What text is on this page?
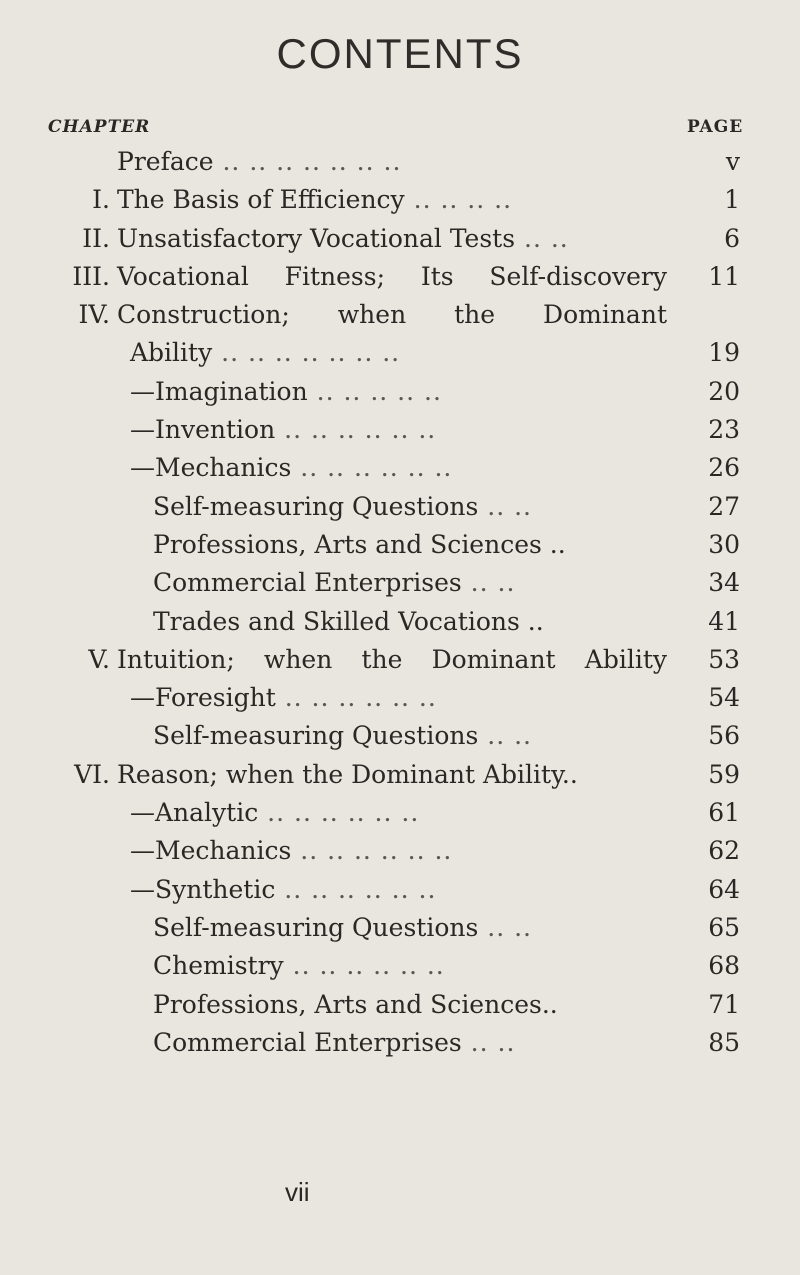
CONTENTS
CHAPTER	PAGE
Preface .. .. .. .. .. .. ..	v
I. The Basis of Efficiency .. .. .. ..	1
II. Unsatisfactory Vocational Tests .. ..	6
III. Vocational Fitness; Its Self-discovery	11
IV. Construction; when the Dominant
Ability .. .. .. .. .. .. ..	19
—Imagination .. .. .. .. ..	20
—Invention .. .. .. .. .. ..	23
—Mechanics .. .. .. .. .. ..	26
Self-measuring Questions .. ..	27
Professions, Arts and Sciences ..	30
Commercial Enterprises .. ..	34
Trades and Skilled Vocations ..	41
V. Intuition; when the Dominant Ability	53
—Foresight .. .. .. .. .. ..	54
Self-measuring Questions .. ..	56
VI. Reason; when the Dominant Ability..	59
—Analytic .. .. .. .. .. ..	61
—Mechanics .. .. .. .. .. ..	62
—Synthetic .. .. .. .. .. ..	64
Self-measuring Questions .. ..	65
Chemistry .. .. .. .. .. ..	68
Professions, Arts and Sciences..	71
Commercial Enterprises .. ..	85
vii
